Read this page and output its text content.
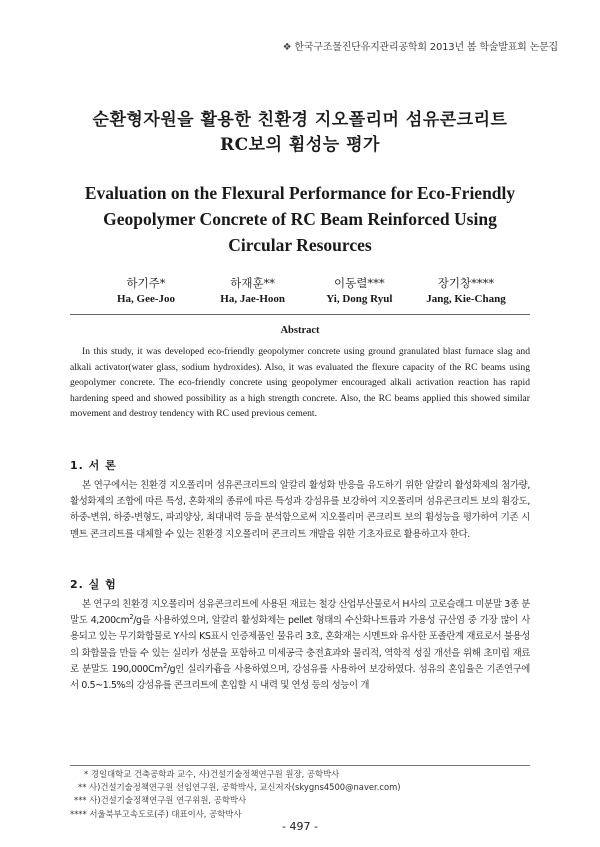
❖ 한국구조물진단유지관리공학회 2013년 봄 학술발표회 논문집
순환형자원을 활용한 친환경 지오폴리머 섬유콘크리트
RC보의 휨성능 평가
Evaluation on the Flexural Performance for Eco-Friendly
Geopolymer Concrete of RC Beam Reinforced Using
Circular Resources
하기주*
Ha, Gee-Joo
하재훈**
Ha, Jae-Hoon
이동렬***
Yi, Dong Ryul
장기창****
Jang, Kie-Chang
Abstract
In this study, it was developed eco-friendly geopolymer concrete using ground granulated blast furnace slag and alkali activator(water glass, sodium hydroxides). Also, it was evaluated the flexure capacity of the RC beams using geopolymer concrete. The eco-friendly concrete using geopolymer encouraged alkali activation reaction has rapid hardening speed and showed possibility as a high strength concrete. Also, the RC beams applied this showed similar movement and destroy tendency with RC used previous cement.
1. 서 론
본 연구에서는 친환경 지오폴리머 섬유콘크리트의 알칼리 활성화 반응을 유도하기 위한 알칼리 활성화제의 첨가량, 활성화제의 조합에 따른 특성, 혼화재의 종류에 따른 특성과 강섬유를 보강하여 지오폴리머 섬유콘크리트 보의 휨강도, 하중-변위, 하중-변형도, 파괴양상, 최대내력 등을 분석함으로써 지오폴리머 콘크리트 보의 휨성능을 평가하여 기존 시멘트 콘크리트를 대체할 수 있는 친환경 지오폴리머 콘크리트 개발을 위한 기초자료로 활용하고자 한다.
2. 실 험
본 연구의 친환경 지오폴리머 섬유콘크리트에 사용된 재료는 철강 산업부산물로서 H사의 고로슬래그 미분말 3종 분말도 $4,200cm^2/g$을 사용하였으며, 알칼리 활성화제는 pellet 형태의 수산화나트륨과 가용성 규산염 중 가장 많이 사용되고 있는 무기화합물로 Y사의 KS표시 인증제품인 물유리 3호, 혼화재는 시멘트와 유사한 포졸란계 재료로서 불용성의 화합물을 만들 수 있는 실리카 성분을 포함하고 미세공극 충전효과와 물리적, 역학적 성질 개선을 위해 초미립 재료로 분말도 190,000Cm$^2$/g인 실리카흄을 사용하였으며, 강섬유를 사용하여 보강하였다. 섬유의 혼입율은 기존연구에서 0.5~1.5%의 강섬유를 콘크리트에 혼입할 시 내력 및 연성 등의 성능이 개
* 경일대학교 건축공학과 교수, 사)건설기술정책연구원 원장, 공학박사
** 사)건설기술정책연구원 선임연구원, 공학박사, 교신저자(skygns4500@naver.com)
*** 사)건설기술정책연구원 연구위원, 공학박사
**** 서울북부고속도로(주) 대표이사, 공학박사
- 497 -
